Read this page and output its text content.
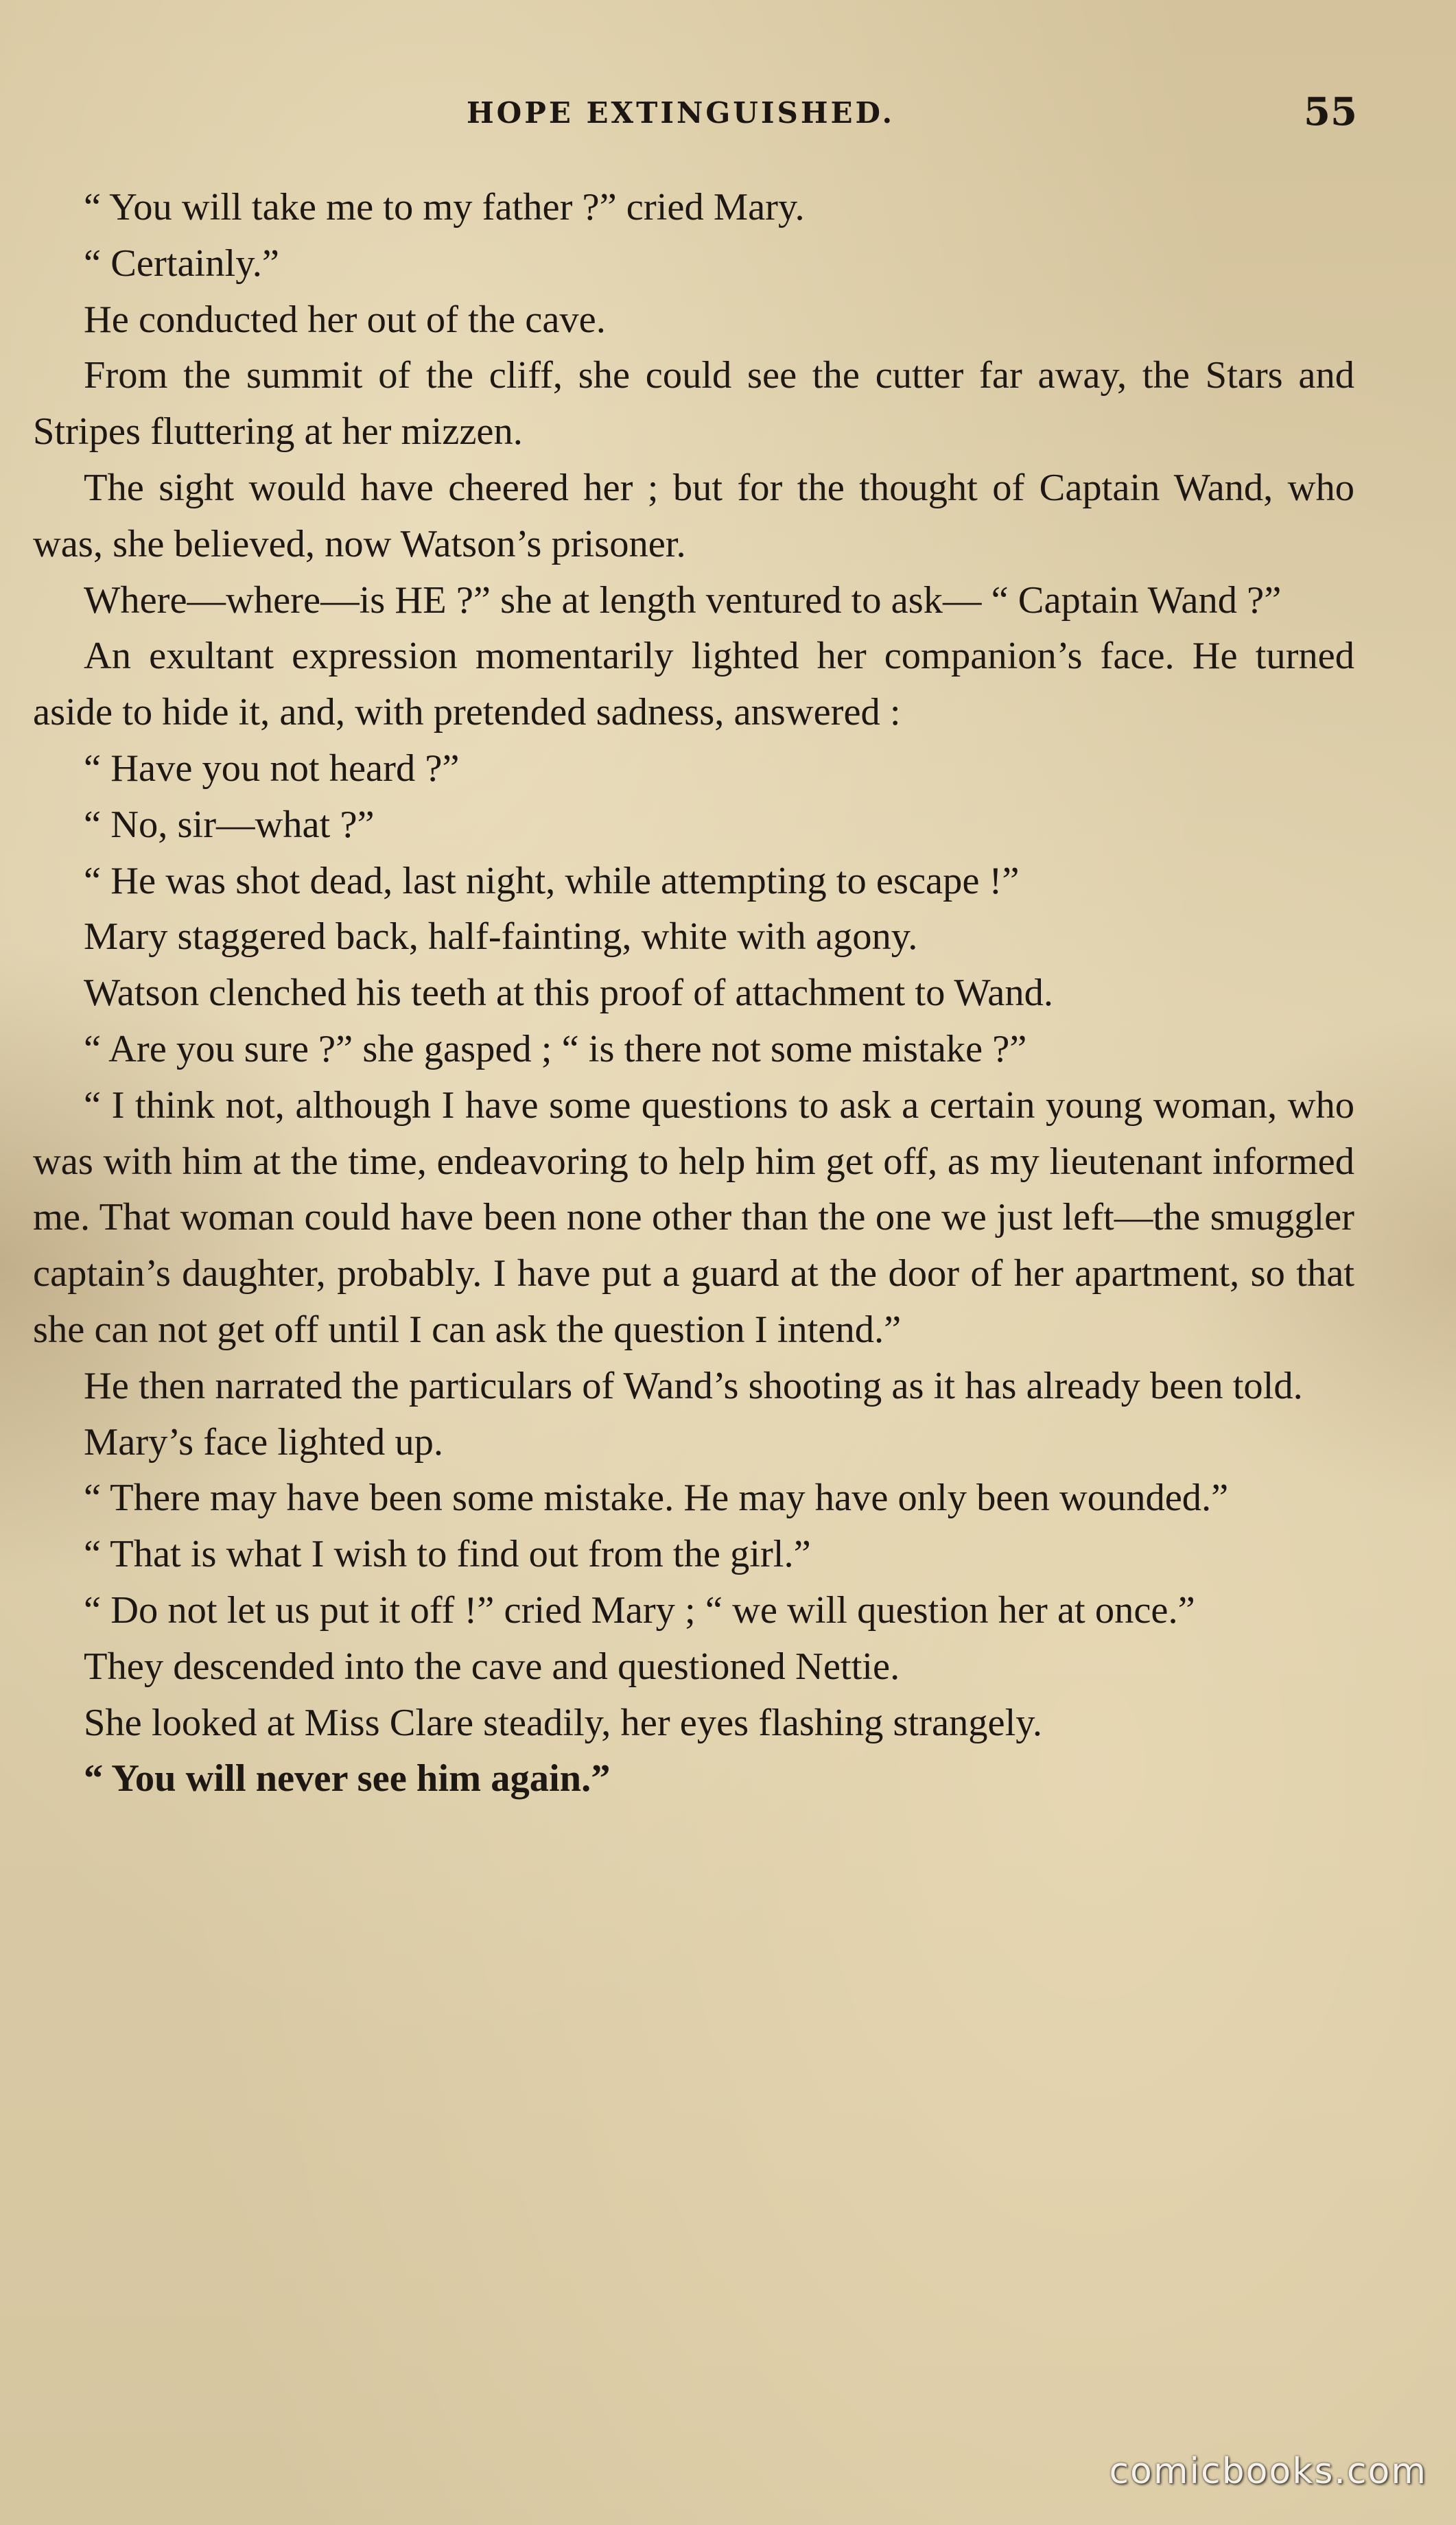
HOPE EXTINGUISHED.	55

“ You will take me to my father ?” cried Mary.

“ Certainly.”

He conducted her out of the cave.

From the summit of the cliff, she could see the cutter far away, the Stars and Stripes fluttering at her mizzen.

The sight would have cheered her ; but for the thought of Captain Wand, who was, she believed, now Watson’s prisoner.

Where—where—is HE ?” she at length ventured to ask— “ Captain Wand ?”

An exultant expression momentarily lighted her companion’s face. He turned aside to hide it, and, with pretended sadness, answered :

“ Have you not heard ?”

“ No, sir—what ?”

“ He was shot dead, last night, while attempting to escape !”

Mary staggered back, half-fainting, white with agony.

Watson clenched his teeth at this proof of attachment to Wand.

“ Are you sure ?” she gasped ; “ is there not some mistake ?”

“ I think not, although I have some questions to ask a certain young woman, who was with him at the time, endeavoring to help him get off, as my lieutenant informed me. That woman could have been none other than the one we just left—the smuggler captain’s daughter, probably. I have put a guard at the door of her apartment, so that she can not get off until I can ask the question I intend.”

He then narrated the particulars of Wand’s shooting as it has already been told.

Mary’s face lighted up.

“ There may have been some mistake. He may have only been wounded.”

“ That is what I wish to find out from the girl.”

“ Do not let us put it off !” cried Mary ; “ we will question her at once.”

They descended into the cave and questioned Nettie.

She looked at Miss Clare steadily, her eyes flashing strangely.

“ You will never see him again.”

comicbooks.com
